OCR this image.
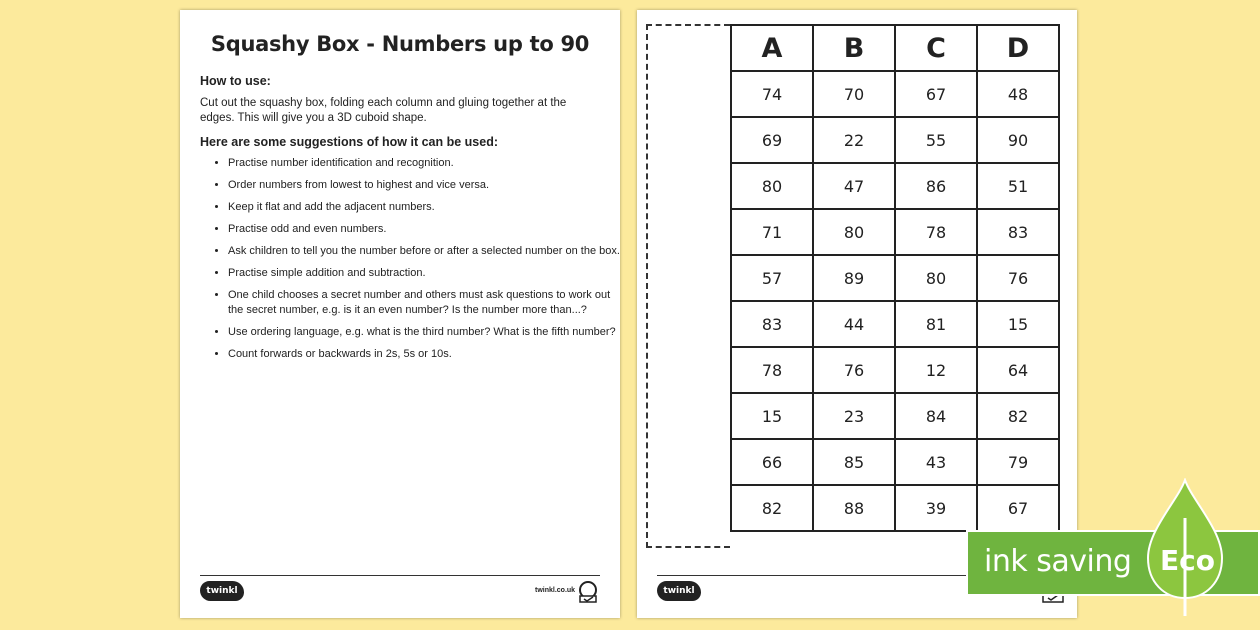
Squashy Box - Numbers up to 90
How to use:
Cut out the squashy box, folding each column and gluing together at the edges. This will give you a 3D cuboid shape.
Here are some suggestions of how it can be used:
• Practise number identification and recognition.
• Order numbers from lowest to highest and vice versa.
• Keep it flat and add the adjacent numbers.
• Practise odd and even numbers.
• Ask children to tell you the number before or after a selected number on the box.
• Practise simple addition and subtraction.
• One child chooses a secret number and others must ask questions to work out the secret number, e.g. is it an even number? Is the number more than...?
• Use ordering language, e.g. what is the third number? What is the fifth number?
• Count forwards or backwards in 2s, 5s or 10s.
twinkl	twinkl.co.uk
A	B	C	D
74	70	67	48
69	22	55	90
80	47	86	51
71	80	78	83
57	89	80	76
83	44	81	15
78	76	12	64
15	23	84	82
66	85	43	79
82	88	39	67
twinkl
ink saving Eco
